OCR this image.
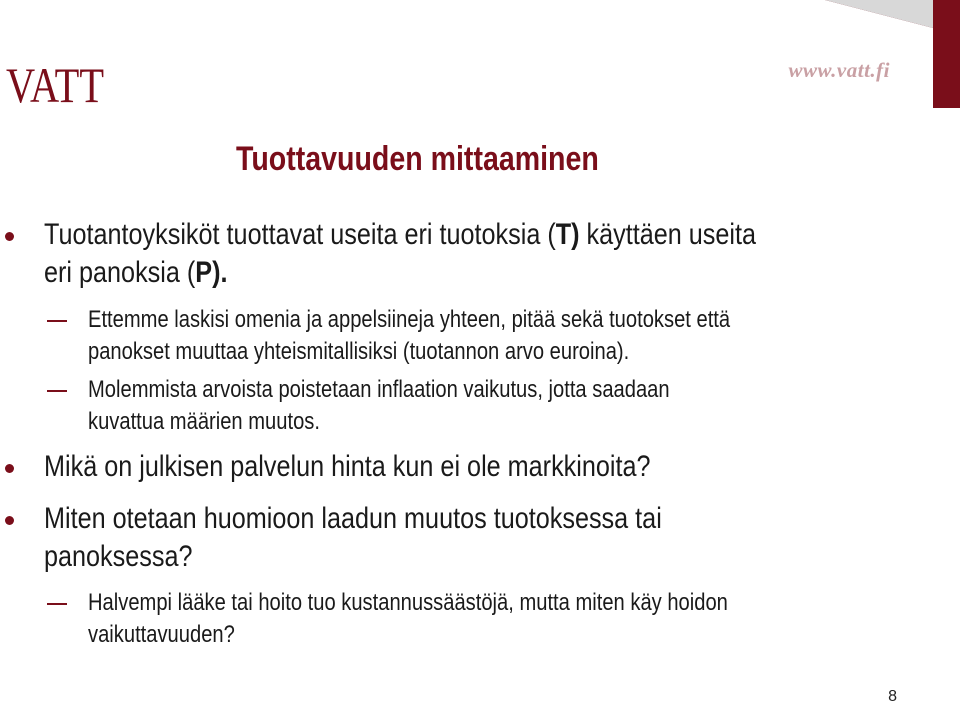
VATT	www.vatt.fi
Tuottavuuden mittaaminen
Tuotantoyksiköt tuottavat useita eri tuotoksia (T) käyttäen useita
eri panoksia (P).
Ettemme laskisi omenia ja appelsiineja yhteen, pitää sekä tuotokset että
panokset muuttaa yhteismitallisiksi (tuotannon arvo euroina).
Molemmista arvoista poistetaan inflaation vaikutus, jotta saadaan
kuvattua määrien muutos.
Mikä on julkisen palvelun hinta kun ei ole markkinoita?
Miten otetaan huomioon laadun muutos tuotoksessa tai
panoksessa?
Halvempi lääke tai hoito tuo kustannussäästöjä, mutta miten käy hoidon
vaikuttavuuden?
8
